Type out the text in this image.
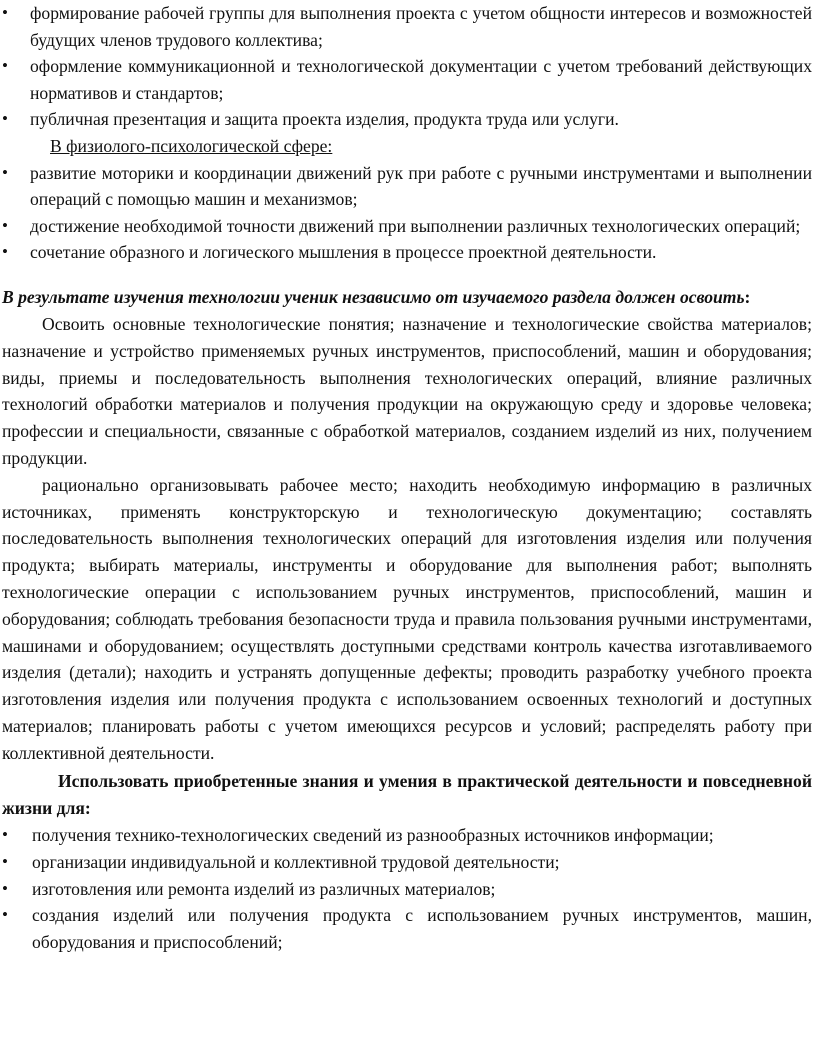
•	формирование рабочей группы для выполнения проекта с учетом общности интересов и возможностей будущих членов трудового коллектива;
•	оформление коммуникационной и технологической документации с учетом требований действующих нормативов и стандартов;
•	публичная презентация и защита проекта изделия, продукта труда или услуги.

В физиолого-психологической сфере:

•	развитие моторики и координации движений рук при работе с ручными инструментами и выполнении операций с помощью машин и механизмов;
•	достижение необходимой точности движений при выполнении различных технологических операций;
•	сочетание образного и логического мышления в процессе проектной деятельности.

В результате изучения технологии ученик независимо от изучаемого раздела должен освоить:

Освоить основные технологические понятия; назначение и технологические свойства материалов; назначение и устройство применяемых ручных инструментов, приспособлений, машин и оборудования; виды, приемы и последовательность выполнения технологических операций, влияние различных технологий обработки материалов и получения продукции на окружающую среду и здоровье человека; профессии и специальности, связанные с обработкой материалов, созданием изделий из них, получением продукции.

рационально организовывать рабочее место; находить необходимую информацию в различных источниках, применять конструкторскую и технологическую документацию; составлять последовательность выполнения технологических операций для изготовления изделия или получения продукта; выбирать материалы, инструменты и оборудование для выполнения работ; выполнять технологические операции с использованием ручных инструментов, приспособлений, машин и оборудования; соблюдать требования безопасности труда и правила пользования ручными инструментами, машинами и оборудованием; осуществлять доступными средствами контроль качества изготавливаемого изделия (детали); находить и устранять допущенные дефекты; проводить разработку учебного проекта изготовления изделия или получения продукта с использованием освоенных технологий и доступных материалов; планировать работы с учетом имеющихся ресурсов и условий; распределять работу при коллективной деятельности.

Использовать приобретенные знания и умения в практической деятельности и повседневной жизни для:

•	получения технико-технологических сведений из разнообразных источников информации;
•	организации индивидуальной и коллективной трудовой деятельности;
•	изготовления или ремонта изделий из различных материалов;
•	создания изделий или получения продукта с использованием ручных инструментов, машин, оборудования и приспособлений;
